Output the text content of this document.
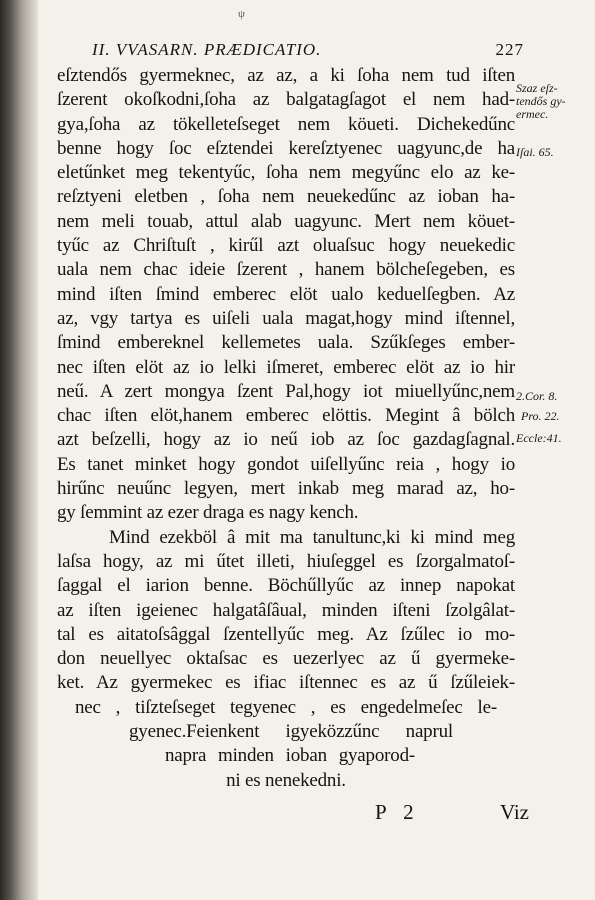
ψ
II. VVASARN. PRÆDICATIO.	227
eſztendős gyermeknec, az az, a ki ſoha nem tud iſten
ſzerent okoſkodni,ſoha az balgatagſagot el nem had-
gya,ſoha az tökelleteſseget nem köueti. Dichekedűnc
benne hogy ſoc eſztendei kereſztyenec uagyunc,de ha
eletűnket meg tekentyűc, ſoha nem megyűnc elo az ke-
reſztyeni eletben , ſoha nem neuekedűnc az ioban ha-
nem meli touab, attul alab uagyunc. Mert nem köuet-
tyűc az Chriſtuſt , kirűl azt oluaſsuc hogy neuekedic
uala nem chac ideie ſzerent , hanem bölcheſegeben, es
mind iſten ſmind emberec elöt ualo keduelſegben. Az
az, vgy tartya es uiſeli uala magat,hogy mind iſtennel,
ſmind embereknel kellemetes uala. Szűkſeges ember-
nec iſten elöt az io lelki iſmeret, emberec elöt az io hir
neű. A zert mongya ſzent Pal,hogy iot miuellyűnc,nem
chac iſten elöt,hanem emberec elöttis. Megint â bölch
azt beſzelli, hogy az io neű iob az ſoc gazdagſagnal.
Es tanet minket hogy gondot uiſellyűnc reia , hogy io
hirűnc neuűnc legyen, mert inkab meg marad az, ho-
gy ſemmint az ezer draga es nagy kench.
Mind ezekböl â mit ma tanultunc,ki ki mind meg
laſsa hogy, az mi űtet illeti, hiuſeggel es ſzorgalmatoſ-
ſaggal el iarion benne. Böchűllyűc az innep napokat
az iſten igeienec halgatâſâual, minden iſteni ſzolgâlat-
tal es aitatoſsâggal ſzentellyűc meg. Az ſzűlec io mo-
don neuellyec oktaſsac es uezerlyec az ű gyermeke-
ket. Az gyermekec es ifiac iſtennec es az ű ſzűleiek-
nec , tiſzteſseget tegyenec , es engedelmeſec le-
gyenec.Feienkent igyeközzűnc naprul
napra minden ioban gyaporod-
ni es nenekedni.
Szaz eſz-tendős gy-ermec.
Iſai. 65.
2.Cor. 8.
Pro. 22.
Eccle:41.
P 2	Viz
